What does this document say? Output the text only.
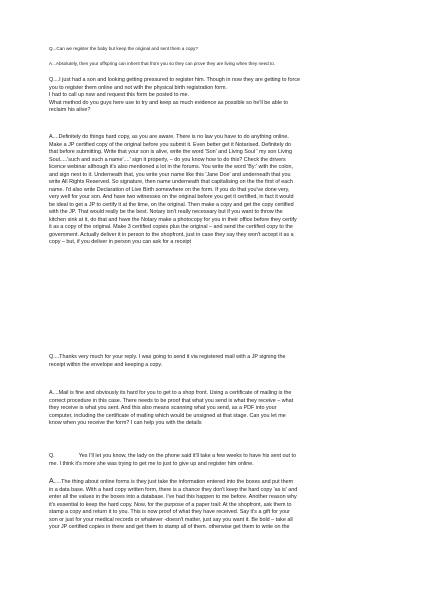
Q...Can we register the baby but keep the original and sent them a copy?

A...Absolutely, then your offspring can inherit that from you so they can prove they are living when they need to.

Q....I just had a son and looking getting pressured to register him. Though in now they are getting to force
you to register them online and not with the physical birth registration form.
I had to call up nsw and request this form be posted to me.
What method do you guys here use to try and keep as much evidence as possible so he'll be able to
reclaim his alive?

A....Definitely do things hard copy, as you are aware. There is no law you have to do anything online.
Make a JP certified copy of the original before you submit it. Even better get it Notarised. Definitely do
that before submitting. Write that your son is alive, write the word 'Son' and Living Soul ' my son Living
Soul.....'such and such a name'....' sign it properly, – do you know how to do this? Check the drivers
licence webinar although it's also mentioned a lot in the forums. You write the word 'By:' with the colon,
and sign next to it. Underneath that, you write your name like this 'Jane Doe' and underneath that you
write All Rights Reserved. So signature, then name underneath that capitalising on the the first of each
name. I'd also write Declaration of Live Birth somewhere on the form. If you do that you've done very,
very well for your son. And have two witnesses on the original before you get it certified, in fact it would
be ideal to get a JP to certify it at the time, on the original. Then make a copy and get the copy certified
with the JP. That would really be the best. Notary isn't really necessary but if you want to throw the
kitchen sink at it, do that and have the Notary make a photocopy for you in their office before they certify
it as a copy of the original. Make 3 certified copies plus the original – and send the certified copy to the
government. Actually deliver it in person to the shopfront, just in case they say they won't accept it as a
copy – but, if you deliver in person you can ask for a receipt

Q....Thanks very much for your reply. I was going to send it via registered mail with a JP signing the
receipt within the envelope and keeping a copy.

A....Mail is fine and obviously its hard for you to get to a shop front. Using a certificate of mailing is the
correct procedure in this case. There needs to be proof that what you send is what they receive – what
they receive is what you sent. And this also means scanning what you send, as a PDF into your
computer, including the certificate of mailing which would be unsigned at that stage. Can you let me
know when you receive the form? I can help you with the details

Q.	Yes I'll let you know, the lady on the phone said it'll take a few weeks to have his sent out to
me. I think it's more she was trying to get me to just to give up and register him online.

A.....The thing about online forms is they just take the information entered into the boxes and put them
in a data base. With a hard copy written form, there is a chance they don't keep the hard copy 'as is' and
enter all the values in the boxes into a database. I've had this happen to me before. Another reason why
it's essential to keep the hard copy. Now, for the purpose of a paper trail: At the shopfront, ask them to
stamp a copy and return it to you. This is now proof of what they have received. Say it's a gift for your
son or just for your medical records or whatever -doesn't matter, just say you want it. Be bold – take all
your JP certified copies in there and get them to stamp all of them. otherwise get them to write on the
